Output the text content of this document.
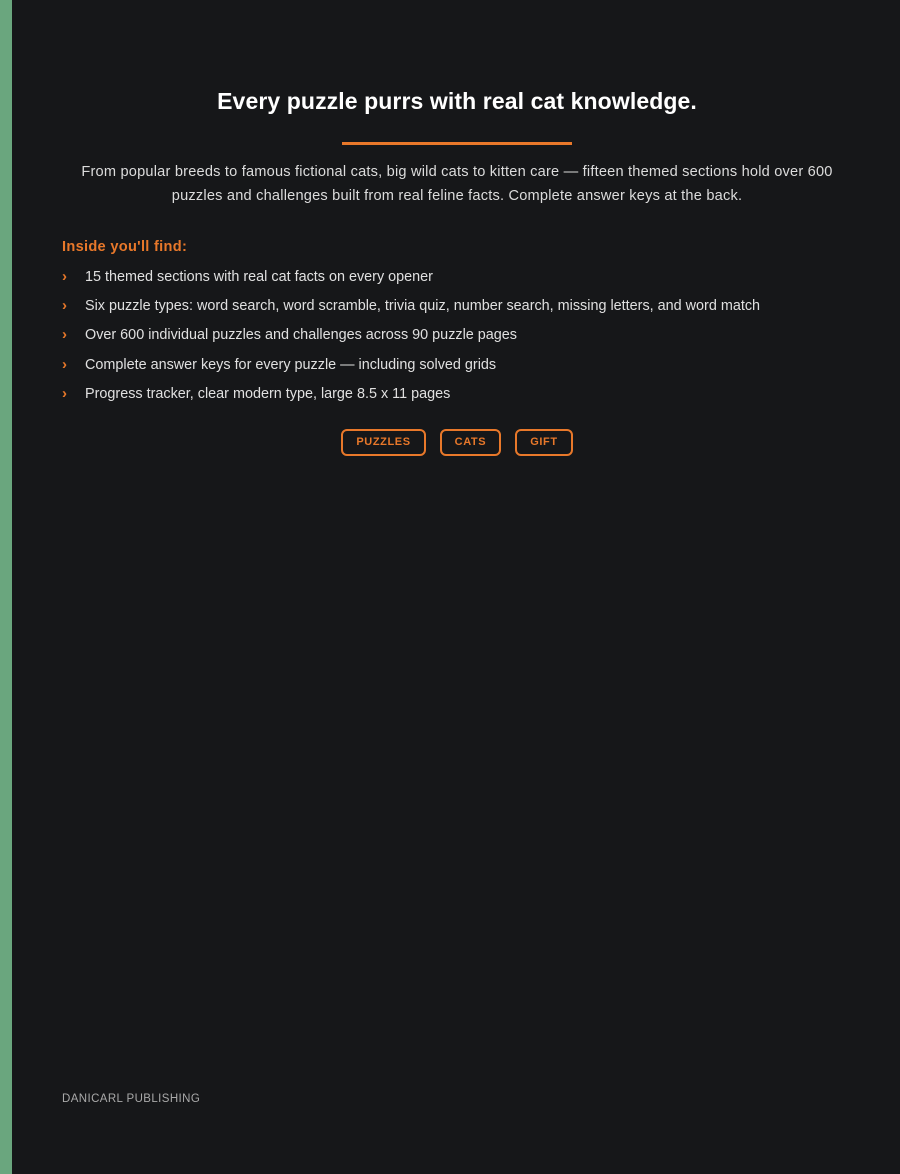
Every puzzle purrs with real cat knowledge.

From popular breeds to famous fictional cats, big wild cats to kitten care — fifteen themed sections hold over 600 puzzles and challenges built from real feline facts. Complete answer keys at the back.

Inside you'll find:

› 15 themed sections with real cat facts on every opener
› Six puzzle types: word search, word scramble, trivia quiz, number search, missing letters, and word match
› Over 600 individual puzzles and challenges across 90 puzzle pages
› Complete answer keys for every puzzle — including solved grids
› Progress tracker, clear modern type, large 8.5 x 11 pages
PUZZLES	CATS	GIFT

DANICARL PUBLISHING
